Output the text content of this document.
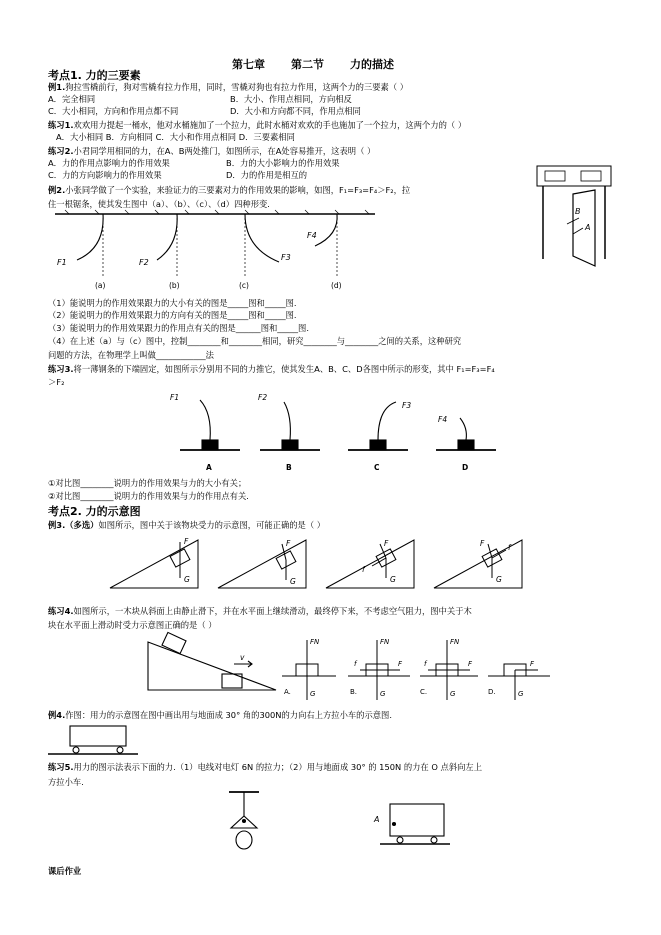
第七章 第二节 力的描述
考点1. 力的三要素
例1.狗拉雪橇前行，狗对雪橇有拉力作用，同时，雪橇对狗也有拉力作用，这两个力的三要素（ ）
A．完全相同	B．大小、作用点相同，方向相反
C．大小相同，方向和作用点都不同	D．大小和方向都不同，作用点相同
练习1.欢欢用力提起一桶水，他对水桶施加了一个拉力，此时水桶对欢欢的手也施加了一个拉力，这两个力的（ ）
A．大小相同 B．方向相同 C．大小和作用点相同 D．三要素相同
练习2.小君同学用相同的力，在A、B两处推门，如图所示，在A处容易推开，这表明（ ）
A．力的作用点影响力的作用效果	B．力的大小影响力的作用效果
C．力的方向影响力的作用效果	D．力的作用是相互的
B
A
例2.小张同学做了一个实验，来验证力的三要素对力的作用效果的影响，如图，F₁=F₃=F₄＞F₂，拉
住一根锯条，使其发生图中（a）、（b）、（c）、（d）四种形变.
F1	F2
F3
F4
(a)	(b)	(c)	(d)
（1）能说明力的作用效果跟力的大小有关的图是_____图和_____图.
（2）能说明力的作用效果跟力的方向有关的图是_____图和_____图.
（3）能说明力的作用效果跟力的作用点有关的图是______图和_____图.
（4）在上述（a）与（c）图中，控制________和________相同，研究________与________之间的关系，这种研究
问题的方法，在物理学上叫做____________法
练习3.将一薄钢条的下端固定，如图所示分别用不同的力推它，使其发生A、B、C、D各图中所示的形变，其中 F₁=F₃=F₄
＞F₂
F1	F2
F3
F4
A	B	C	D
①对比图________说明力的作用效果与力的大小有关；
②对比图________说明力的作用效果与力的作用点有关.
考点2. 力的示意图
例3.（多选）如图所示，图中关于该物块受力的示意图，可能正确的是（ ）
F
G
F
G
F
f
G
F	f
G
练习4.如图所示，一木块从斜面上由静止滑下，并在水平面上继续滑动，最终停下来，不考虑空气阻力，图中关于木
块在水平面上滑动时受力示意图正确的是（ ）
v
FN
G
FN
f	F
G
FN
f	F
G
F
G
A.	B.	C.	D.
例4.作图：用力的示意图在图中画出用与地面成 30° 角的300N的力向右上方拉小车的示意图.
练习5.用力的图示法表示下面的力.（1）电线对电灯 6N 的拉力；（2）用与地面成 30° 的 150N 的力在 O 点斜向左上
方拉小车.
A
课后作业
